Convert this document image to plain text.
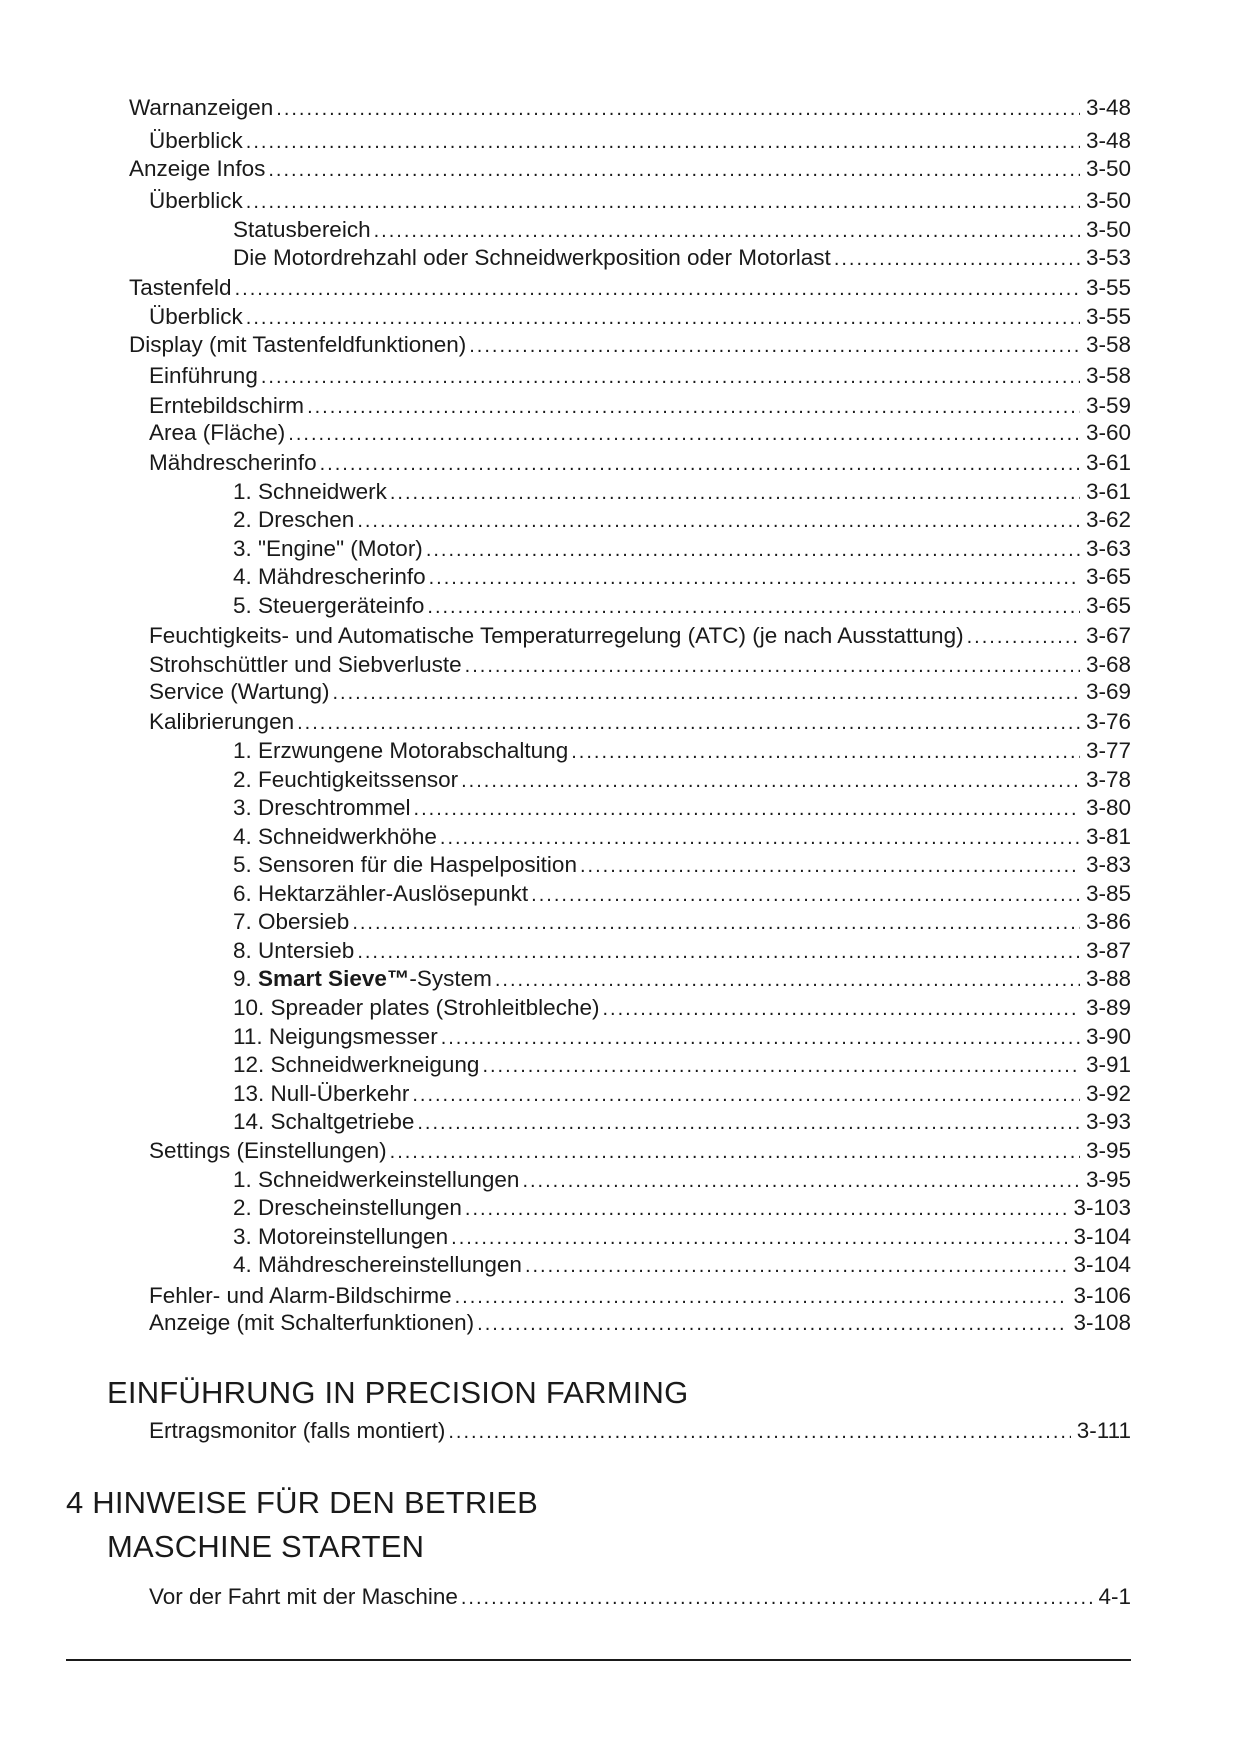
Warnanzeigen .....	3-48
Überblick .....	3-48
Anzeige Infos .....	3-50
Überblick .....	3-50
Statusbereich .....	3-50
Die Motordrehzahl oder Schneidwerkposition oder Motorlast .....	3-53
Tastenfeld .....	3-55
Überblick .....	3-55
Display (mit Tastenfeldfunktionen) .....	3-58
Einführung .....	3-58
Erntebildschirm .....	3-59
Area (Fläche) .....	3-60
Mähdrescherinfo .....	3-61
1. Schneidwerk .....	3-61
2. Dreschen .....	3-62
3. "Engine" (Motor) .....	3-63
4. Mähdrescherinfo .....	3-65
5. Steuergeräteinfo .....	3-65
Feuchtigkeits- und Automatische Temperaturregelung (ATC) (je nach Ausstattung) .....	3-67
Strohschüttler und Siebverluste .....	3-68
Service (Wartung) .....	3-69
Kalibrierungen .....	3-76
1. Erzwungene Motorabschaltung .....	3-77
2. Feuchtigkeitssensor .....	3-78
3. Dreschtrommel .....	3-80
4. Schneidwerkhöhe .....	3-81
5. Sensoren für die Haspelposition .....	3-83
6. Hektarzähler-Auslösepunkt .....	3-85
7. Obersieb .....	3-86
8. Untersieb .....	3-87
9. Smart Sieve™-System .....	3-88
10. Spreader plates (Strohleitbleche) .....	3-89
11. Neigungsmesser .....	3-90
12. Schneidwerkneigung .....	3-91
13. Null-Überkehr .....	3-92
14. Schaltgetriebe .....	3-93
Settings (Einstellungen) .....	3-95
1. Schneidwerkeinstellungen .....	3-95
2. Drescheinstellungen .....	3-103
3. Motoreinstellungen .....	3-104
4. Mähdreschereinstellungen .....	3-104
Fehler- und Alarm-Bildschirme .....	3-106
Anzeige (mit Schalterfunktionen) .....	3-108
Ertragsmonitor (falls montiert) .....	3-111
Vor der Fahrt mit der Maschine .....	4-1
EINFÜHRUNG IN PRECISION FARMING
4 HINWEISE FÜR DEN BETRIEB
MASCHINE STARTEN
